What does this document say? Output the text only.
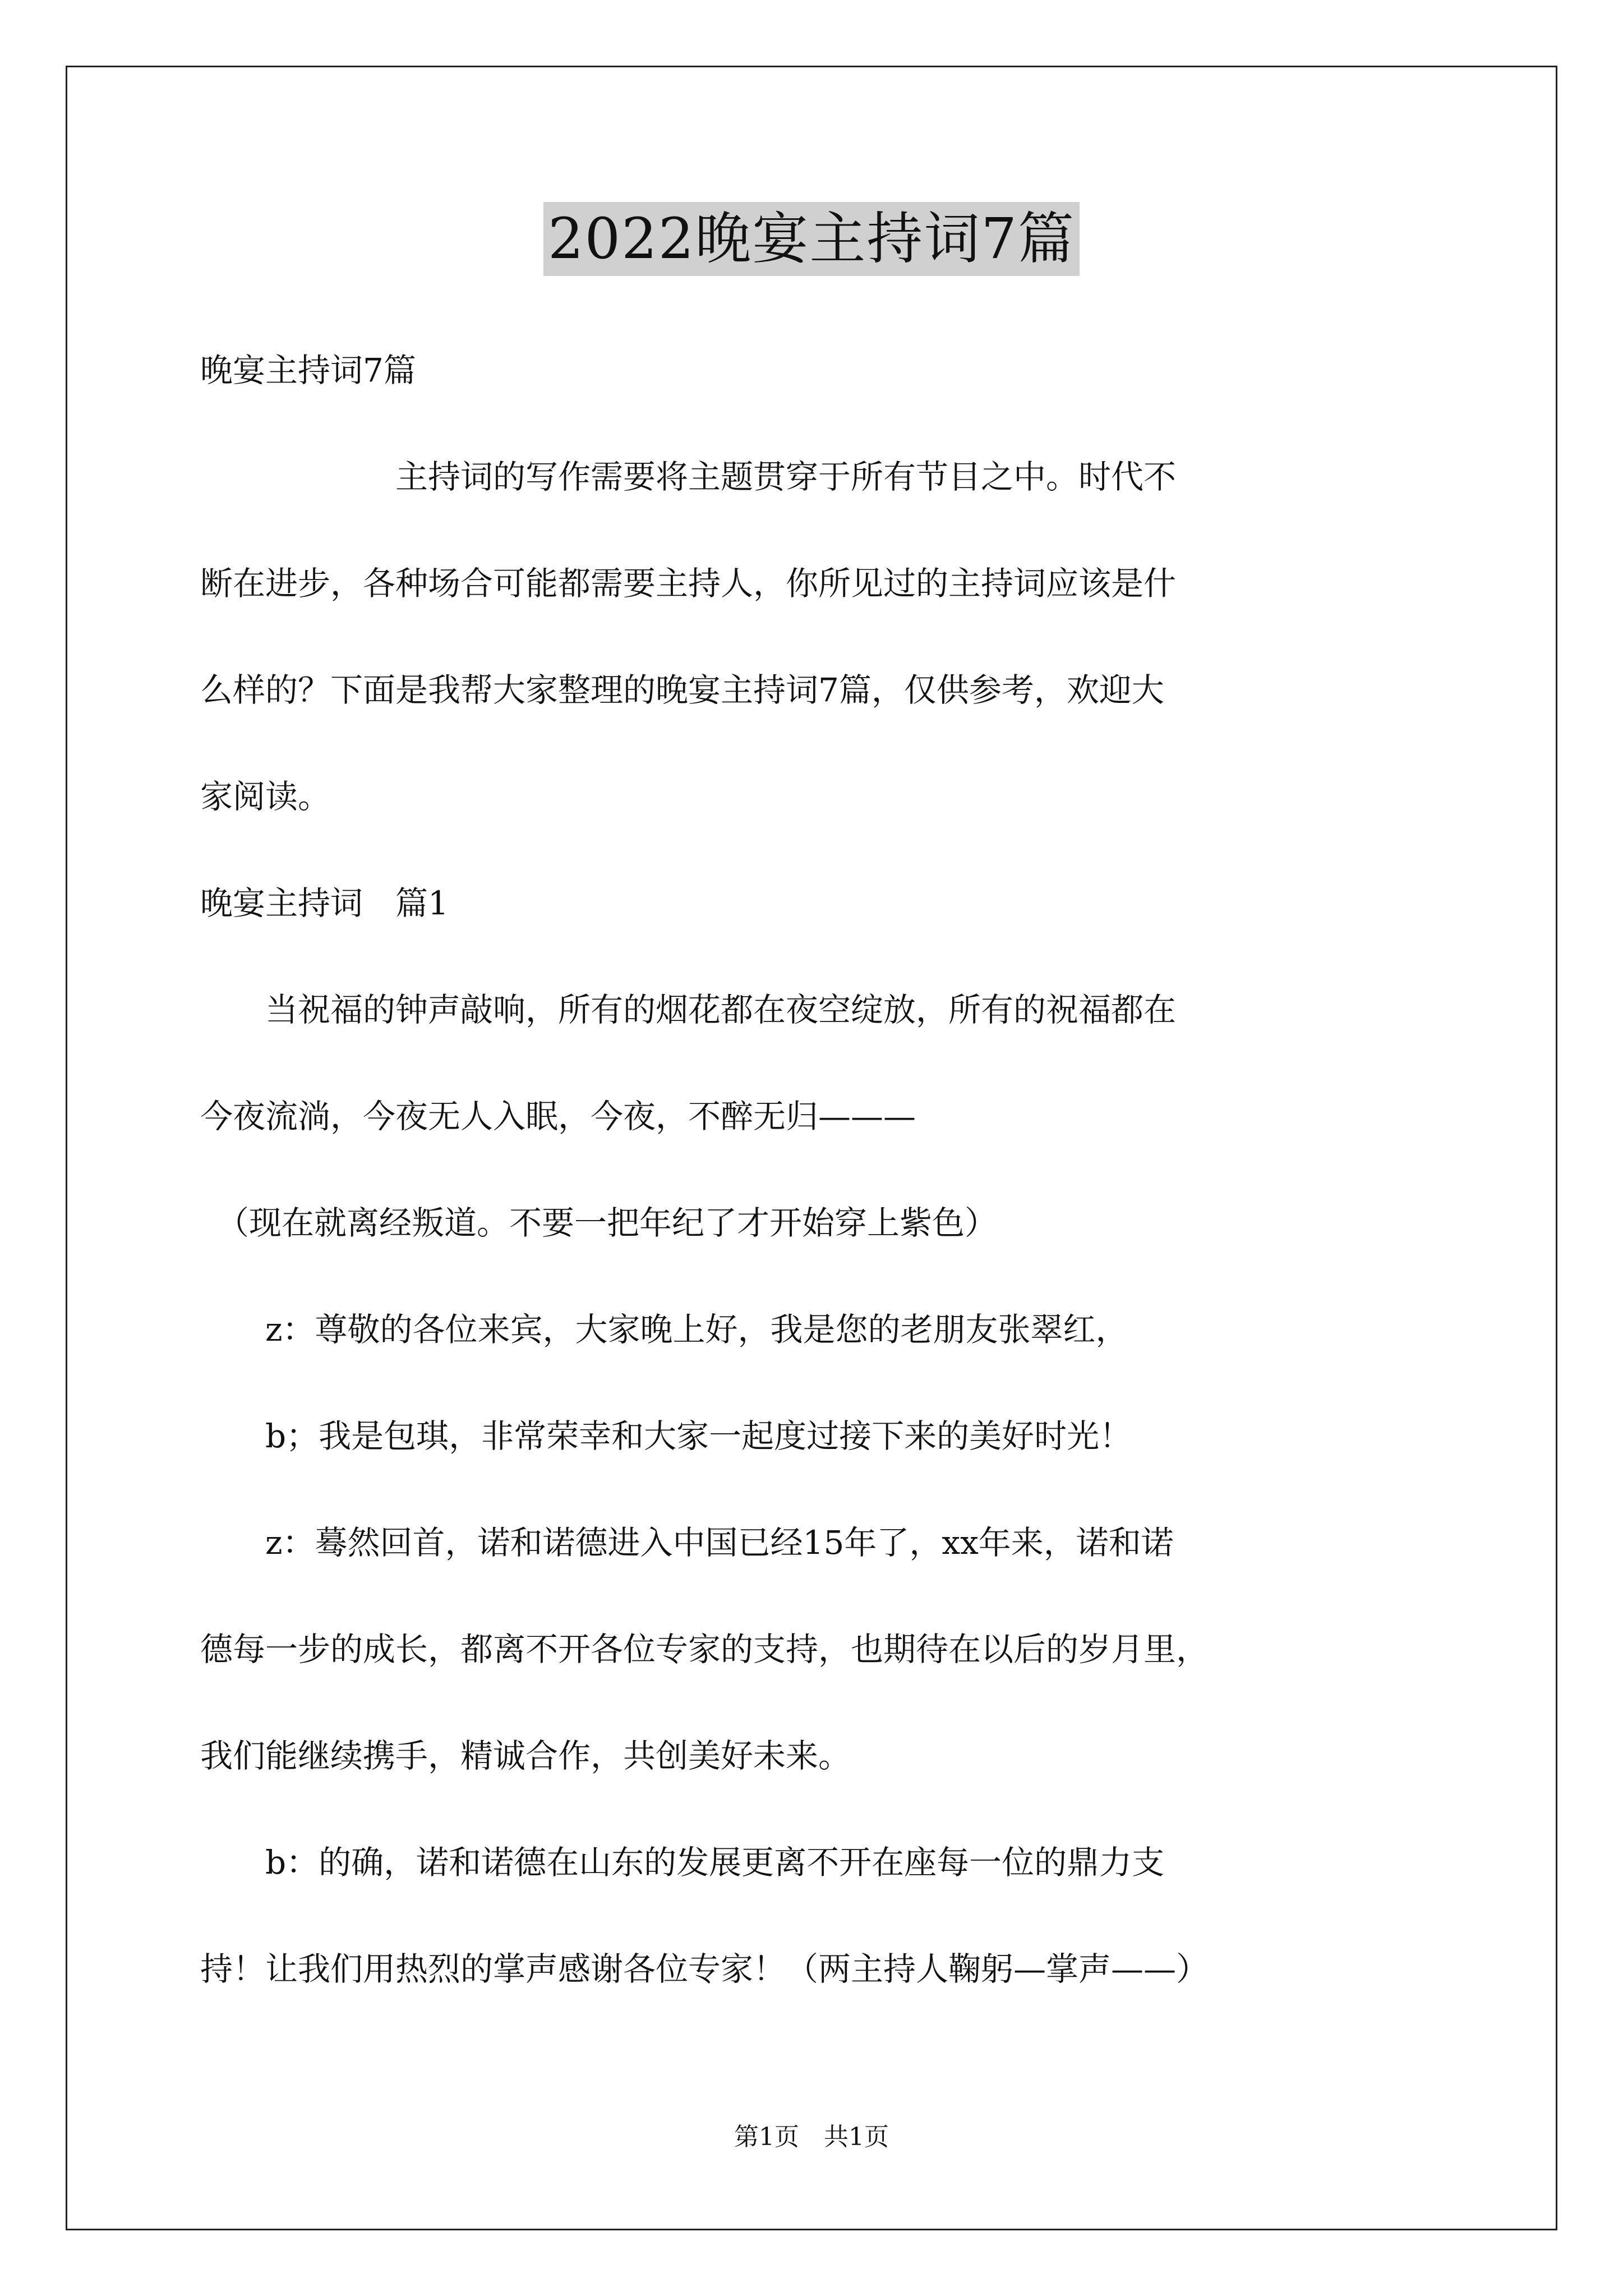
2022晚宴主持词7篇
晚宴主持词7篇
　　　　　　主持词的写作需要将主题贯穿于所有节目之中。时代不
断在进步，各种场合可能都需要主持人，你所见过的主持词应该是什
么样的？下面是我帮大家整理的晚宴主持词7篇，仅供参考，欢迎大
家阅读。
晚宴主持词　篇1
　　当祝福的钟声敲响，所有的烟花都在夜空绽放，所有的祝福都在
今夜流淌，今夜无人入眠，今夜，不醉无归———
　（现在就离经叛道。不要一把年纪了才开始穿上紫色）
　　z：尊敬的各位来宾，大家晚上好，我是您的老朋友张翠红，
　　b；我是包琪，非常荣幸和大家一起度过接下来的美好时光！
　　z：蓦然回首，诺和诺德进入中国已经15年了，xx年来，诺和诺
德每一步的成长，都离不开各位专家的支持，也期待在以后的岁月里，
我们能继续携手，精诚合作，共创美好未来。
　　b：的确，诺和诺德在山东的发展更离不开在座每一位的鼎力支
持！让我们用热烈的掌声感谢各位专家！（两主持人鞠躬—掌声——）
第1页　共1页
